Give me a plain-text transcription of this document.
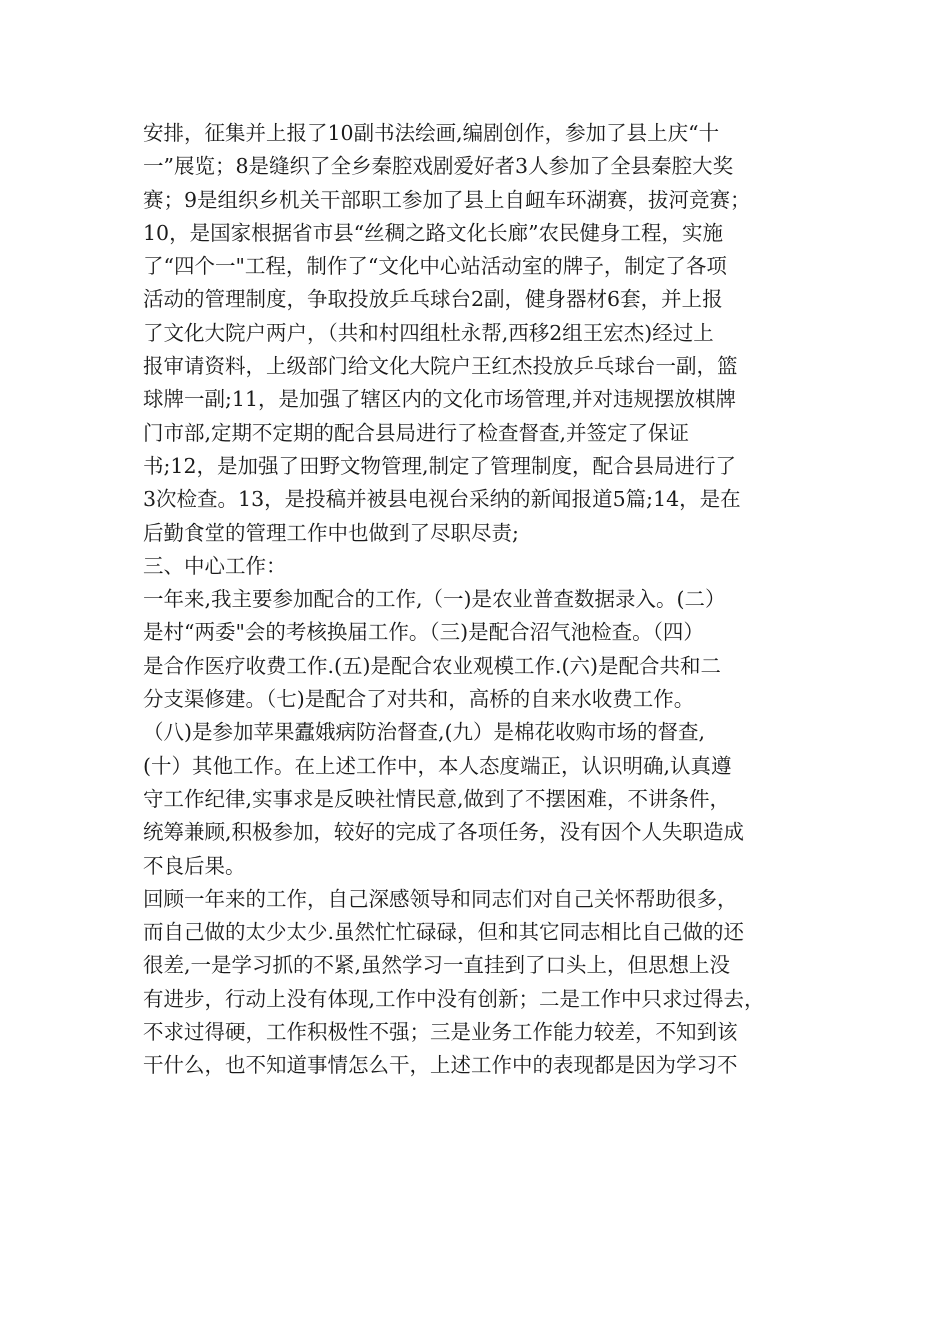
安排，征集并上报了10副书法绘画,编剧创作，参加了县上庆“十
一”展览；8是缝织了全乡秦腔戏剧爱好者3人参加了全县秦腔大奖
赛；9是组织乡机关干部职工参加了县上自衄车环湖赛，拔河竞赛；
10，是国家根据省市县“丝稠之路文化长廊”农民健身工程，实施
了“四个一"工程，制作了“文化中心站活动室的牌子，制定了各项
活动的管理制度，争取投放乒乓球台2副，健身器材6套，并上报
了文化大院户两户，（共和村四组杜永帮,西移2组王宏杰)经过上
报审请资料，上级部门给文化大院户王红杰投放乒乓球台一副，篮
球牌一副;11，是加强了辖区内的文化市场管理,并对违规摆放棋牌
门市部,定期不定期的配合县局进行了检查督查,并签定了保证
书;12，是加强了田野文物管理,制定了管理制度，配合县局进行了
3次检查。13，是投稿并被县电视台采纳的新闻报道5篇;14，是在
后勤食堂的管理工作中也做到了尽职尽责;
三、中心工作：
一年来,我主要参加配合的工作,（一)是农业普查数据录入。(二）
是村“两委"会的考核换届工作。（三)是配合沼气池检查。（四）
是合作医疗收费工作.(五)是配合农业观模工作.(六)是配合共和二
分支渠修建。（七)是配合了对共和，高桥的自来水收费工作。
（八)是参加苹果蠹娥病防治督查,(九）是棉花收购市场的督查,
(十）其他工作。在上述工作中，本人态度端正，认识明确,认真遵
守工作纪律,实事求是反映社情民意,做到了不摆困难，不讲条件，
统筹兼顾,积极参加，较好的完成了各项任务，没有因个人失职造成
不良后果。
回顾一年来的工作，自己深感领导和同志们对自己关怀帮助很多，
而自己做的太少太少.虽然忙忙碌碌，但和其它同志相比自己做的还
很差,一是学习抓的不紧,虽然学习一直挂到了口头上，但思想上没
有进步，行动上没有体现,工作中没有创新；二是工作中只求过得去，
不求过得硬，工作积极性不强；三是业务工作能力较差，不知到该
干什么，也不知道事情怎么干，上述工作中的表现都是因为学习不
